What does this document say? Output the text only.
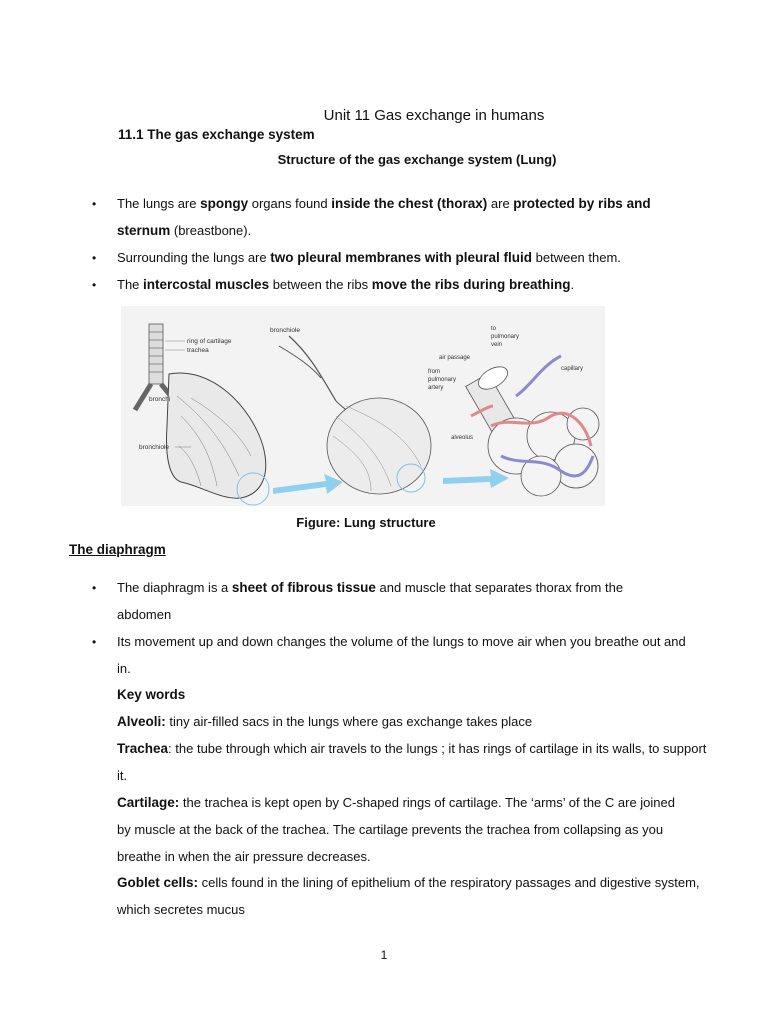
Unit 11 Gas exchange in humans
11.1 The gas exchange system
Structure of the gas exchange system (Lung)
• The lungs are spongy organs found inside the chest (thorax) are protected by ribs and sternum (breastbone).
• Surrounding the lungs are two pleural membranes with pleural fluid between them.
• The intercostal muscles between the ribs move the ribs during breathing.
ring of cartilage
trachea
bronchi
bronchiole
bronchiole	to
pulmonary
vein
air passage
from
pulmonary
artery
capillary
alveolus
Figure: Lung structure
The diaphragm
• The diaphragm is a sheet of fibrous tissue and muscle that separates thorax from the abdomen
• Its movement up and down changes the volume of the lungs to move air when you breathe out and in.
Key words
Alveoli: tiny air-filled sacs in the lungs where gas exchange takes place
Trachea: the tube through which air travels to the lungs ; it has rings of cartilage in its walls, to support it.
Cartilage: the trachea is kept open by C-shaped rings of cartilage. The ‘arms’ of the C are joined by muscle at the back of the trachea. The cartilage prevents the trachea from collapsing as you breathe in when the air pressure decreases.
Goblet cells: cells found in the lining of epithelium of the respiratory passages and digestive system, which secretes mucus
1
